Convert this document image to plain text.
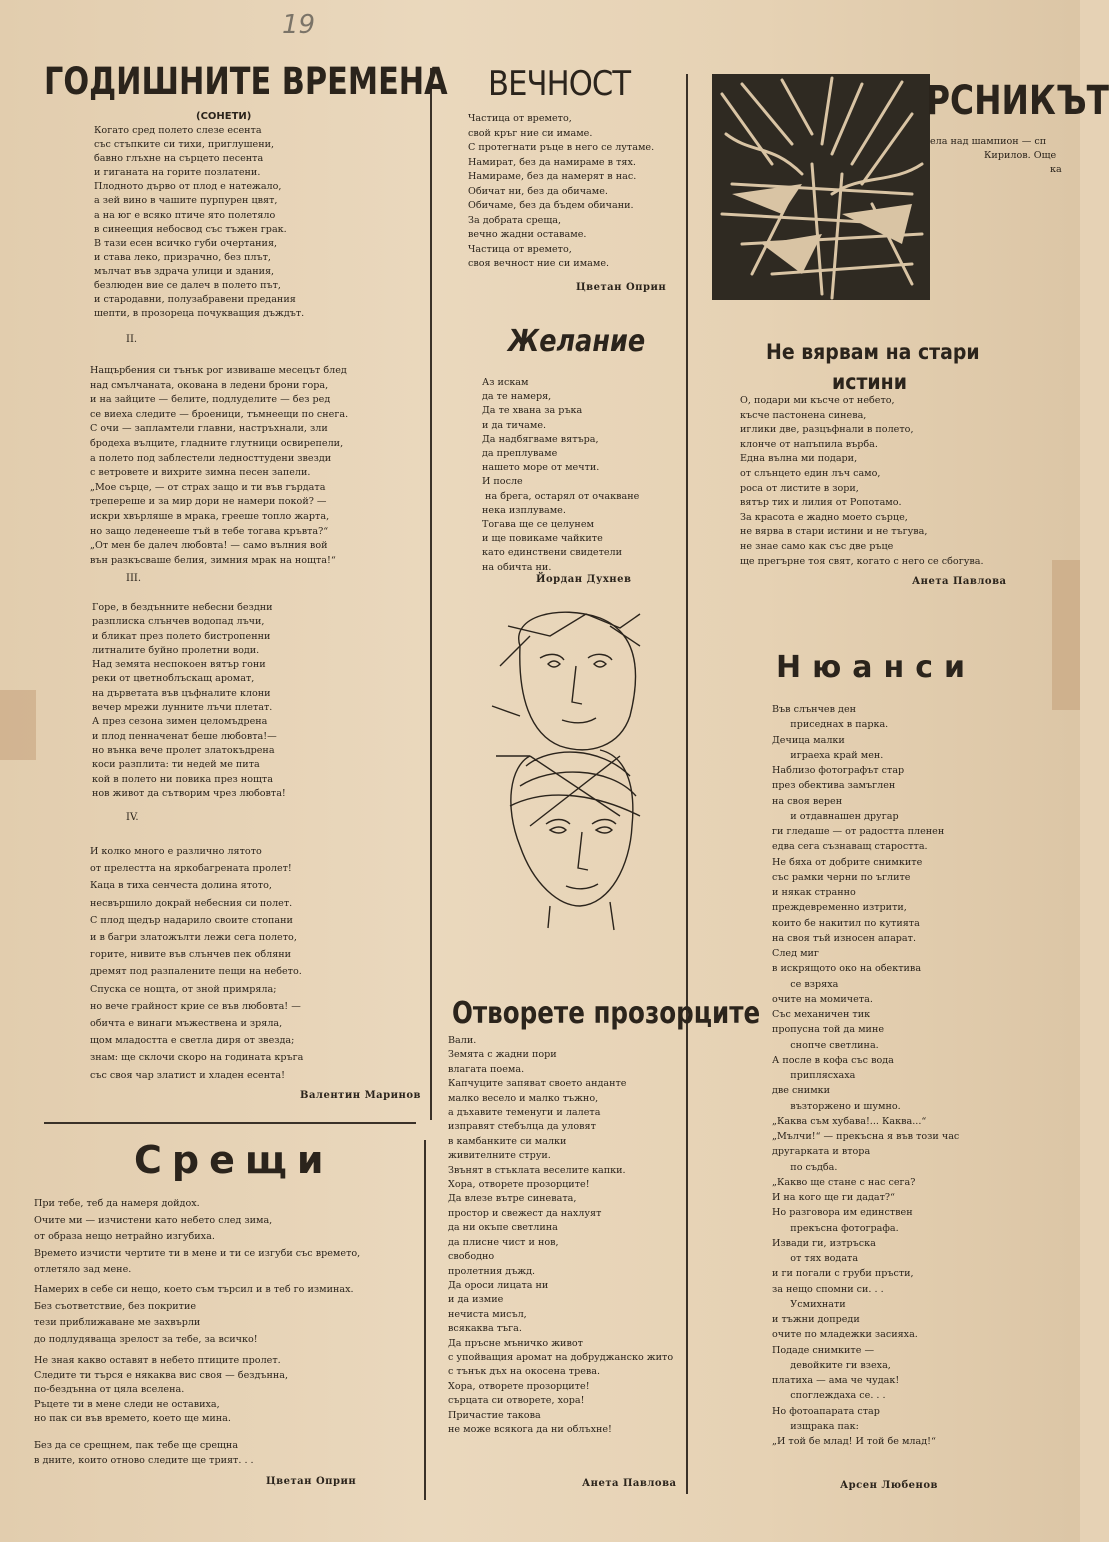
19
ГОДИШНИТЕ ВРЕМЕНА
(СОНЕТИ)
Когато сред полето слезе есента
със стъпките си тихи, приглушени,
бавно глъхне на сърцето песента
и гиганата на горите позлатени.
Плодното дърво от плод е натежало,
а зей вино в чашите пурпурен цвят,
а на юг е всяко птиче ято полетяло
в синеещия небосвод със тъжен грак.
В тази есен всичко губи очертания,
и става леко, призрачно, без плът,
мълчат във здрача улици и здания,
безлюден вие се далеч в полето път,
и стародавни, полузабравени предания
шепти, в прозореца почукващия дъждът.
II.
Нащърбения си тънък рог извиваше месецът блед
над смълчаната, окована в ледени брони гора,
и на зайците — белите, подлуделите — без ред
се виеха следите — броеници, тъмнеещи по снега.
С очи — запламтели главни, настръхнали, зли
бродеха вълците, гладните глутници освирепели,
а полето под заблестели ледносттудени звезди
с ветровете и вихрите зимна песен запели.
„Мое сърце, — от страх защо и ти във гърдата
трепереше и за мир дори не намери покой? —
искри хвърляше в мрака, грееше топло жарта,
но защо леденееше тъй в тебе тогава кръвта?“
„От мен бе далеч любовта! — само вълния вой
вън разкъсваше белия, зимния мрак на нощта!“
III.
Горе, в бездънните небесни бездни
разплиска слънчев водопад лъчи,
и бликат през полето бистропенни
литналите буйно пролетни води.
Над земята неспокоен вятър гони
реки от цветноблъскащ аромат,
на дърветата във цъфналите клони
вечер мрежи лунните лъчи плетат.
А през сезона зимен целомъдрена
и плод пенначенат беше любовта!—
но вънка вече пролет златокъдрена
коси разплита: ти недей ме пита
кой в полето ни повика през нощта
нов живот да сътворим чрез любовта!
IV.
И колко много е различно лятото
от прелестта на яркобагрената пролет!
Каца в тиха сенчеста долина ятото,
несвършило докрай небесния си полет.
С плод щедър надарило своите стопани
и в багри златожълти лежи сега полето,
горите, нивите във слънчев пек обляни
дремят под разпалените пещи на небето.
Спуска се нощта, от зной примряла;
но вече грайност крие се във любовта! —
обичта е винаги мъжествена и зряла,
щом младостта е светла диря от звезда;
знам: ще склочи скоро на годината кръга
със своя чар златист и хладен есента!
Валентин Маринов
Срещи
При тебе, теб да намеря дойдох.
Очите ми — изчистени като небето след зима,
от образа нещо нетрайно изгубиха.
Времето изчисти чертите ти в мене и ти се изгуби със времето,
отлетяло зад мене.
Намерих в себе си нещо, което съм търсил и в теб го изминах.
Без съответствие, без покритие
тези приближаване ме захвърли
до подлудяваща зрелост за тебе, за всичко!
Не зная какво оставят в небето птиците пролет.
Следите ти търся е някаква вис своя — бездънна,
по-бездънна от цяла вселена.
Ръцете ти в мене следи не оставиха,
но пак си във времето, което ще мина.
Без да се срещнем, пак тебе ще срещна
в дните, които отново следите ще трият. . .
Цветан Оприн
ВЕЧНОСТ
Частица от времето,
свой кръг ние си имаме.
С протегнати ръце в него се лутаме.
Намират, без да намираме в тях.
Намираме, без да намерят в нас.
Обичат ни, без да обичаме.
Обичаме, без да бъдем обичани.
За добрата среща,
вечно жадни оставаме.
Частица от времето,
своя вечност ние си имаме.
Цветан Оприн
Желание
Аз искам
да те намеря,
Да те хвана за ръка
и да тичаме.
Да надбягваме вятъра,
да преплуваме
нашето море от мечти.
И после
на брега, остарял от очакване
нека изплуваме.
Тогава ще се целунем
и ще повикаме чайките
като единствени свидетели
на обичта ни.
Йордан Духнев
Отворете прозорците
Вали.
Земята с жадни пори
влагата поема.
Капчуците запяват своето анданте
малко весело и малко тъжно,
а дъхавите теменуги и лалета
изправят стебълца да уловят
в камбанките си малки
живителните струи.
Звънят в стъклата веселите капки.
Хора, отворете прозорците!
Да влезе вътре синевата,
простор и свежест да нахлуят
да ни окъпе светлина
да плисне чист и нов,
свободно
пролетния дъжд.
Да ороси лицата ни
и да измие
нечиста мисъл,
всякаква тъга.
Да пръсне мъничко живот
с упойващия аромат на добруджанско жито
с тънък дъх на окосена трева.
Хора, отворете прозорците!
сърцата си отворете, хора!
Причастие такова
не може всякога да ни облъхне!
Анета Павлова
РСНИКЪТ
ела над шампион — сп
Кирилов. Още
ка
Не вярвам на стари
истини
О, подари ми късче от небето,
късче пастонена синева,
иглики две, разцъфнали в полето,
клонче от напъпила върба.
Една вълна ми подари,
от слънцето един лъч само,
роса от листите в зори,
вятър тих и лилия от Ропотамо.
За красота е жадно моето сърце,
не вярва в стари истини и не тъгува,
не знае само как със две ръце
ще прегърне тоя свят, когато с него се сбогува.
Анета Павлова
Нюанси
Във слънчев ден
приседнах в парка.
Дечица малки
играеха край мен.
Наблизо фотографът стар
през обектива замъглен
на своя верен
и отдавнашен другар
ги гледаше — от радостта пленен
едва сега съзнаващ старостта.
Не бяха от добрите снимките
със рамки черни по ъглите
и някак странно
преждевременно изтрити,
които бе накитил по кутията
на своя тъй износен апарат.
След миг
в искрящото око на обектива
се взряха
очите на момичета.
Със механичен тик
пропусна той да мине
снопче светлина.
А после в кофа със вода
приплясхаха
две снимки
възторжено и шумно.
„Каква съм хубава!... Каква...“
„Мълчи!“ — прекъсна я във този час
другарката и втора
по съдба.
„Какво ще стане с нас сега?
И на кого ще ги дадат?“
Но разговора им единствен
прекъсна фотографа.
Извади ги, изтръска
от тях водата
и ги погали с груби пръсти,
за нещо спомни си. . .
Усмихнати
и тъжни допреди
очите по младежки засияха.
Подаде снимките —
девойките ги взеха,
платиха — ама че чудак!
споглеждаха се. . .
Но фотоапарата стар
изщрака пак:
„И той бе млад! И той бе млад!“
Арсен Любенов
